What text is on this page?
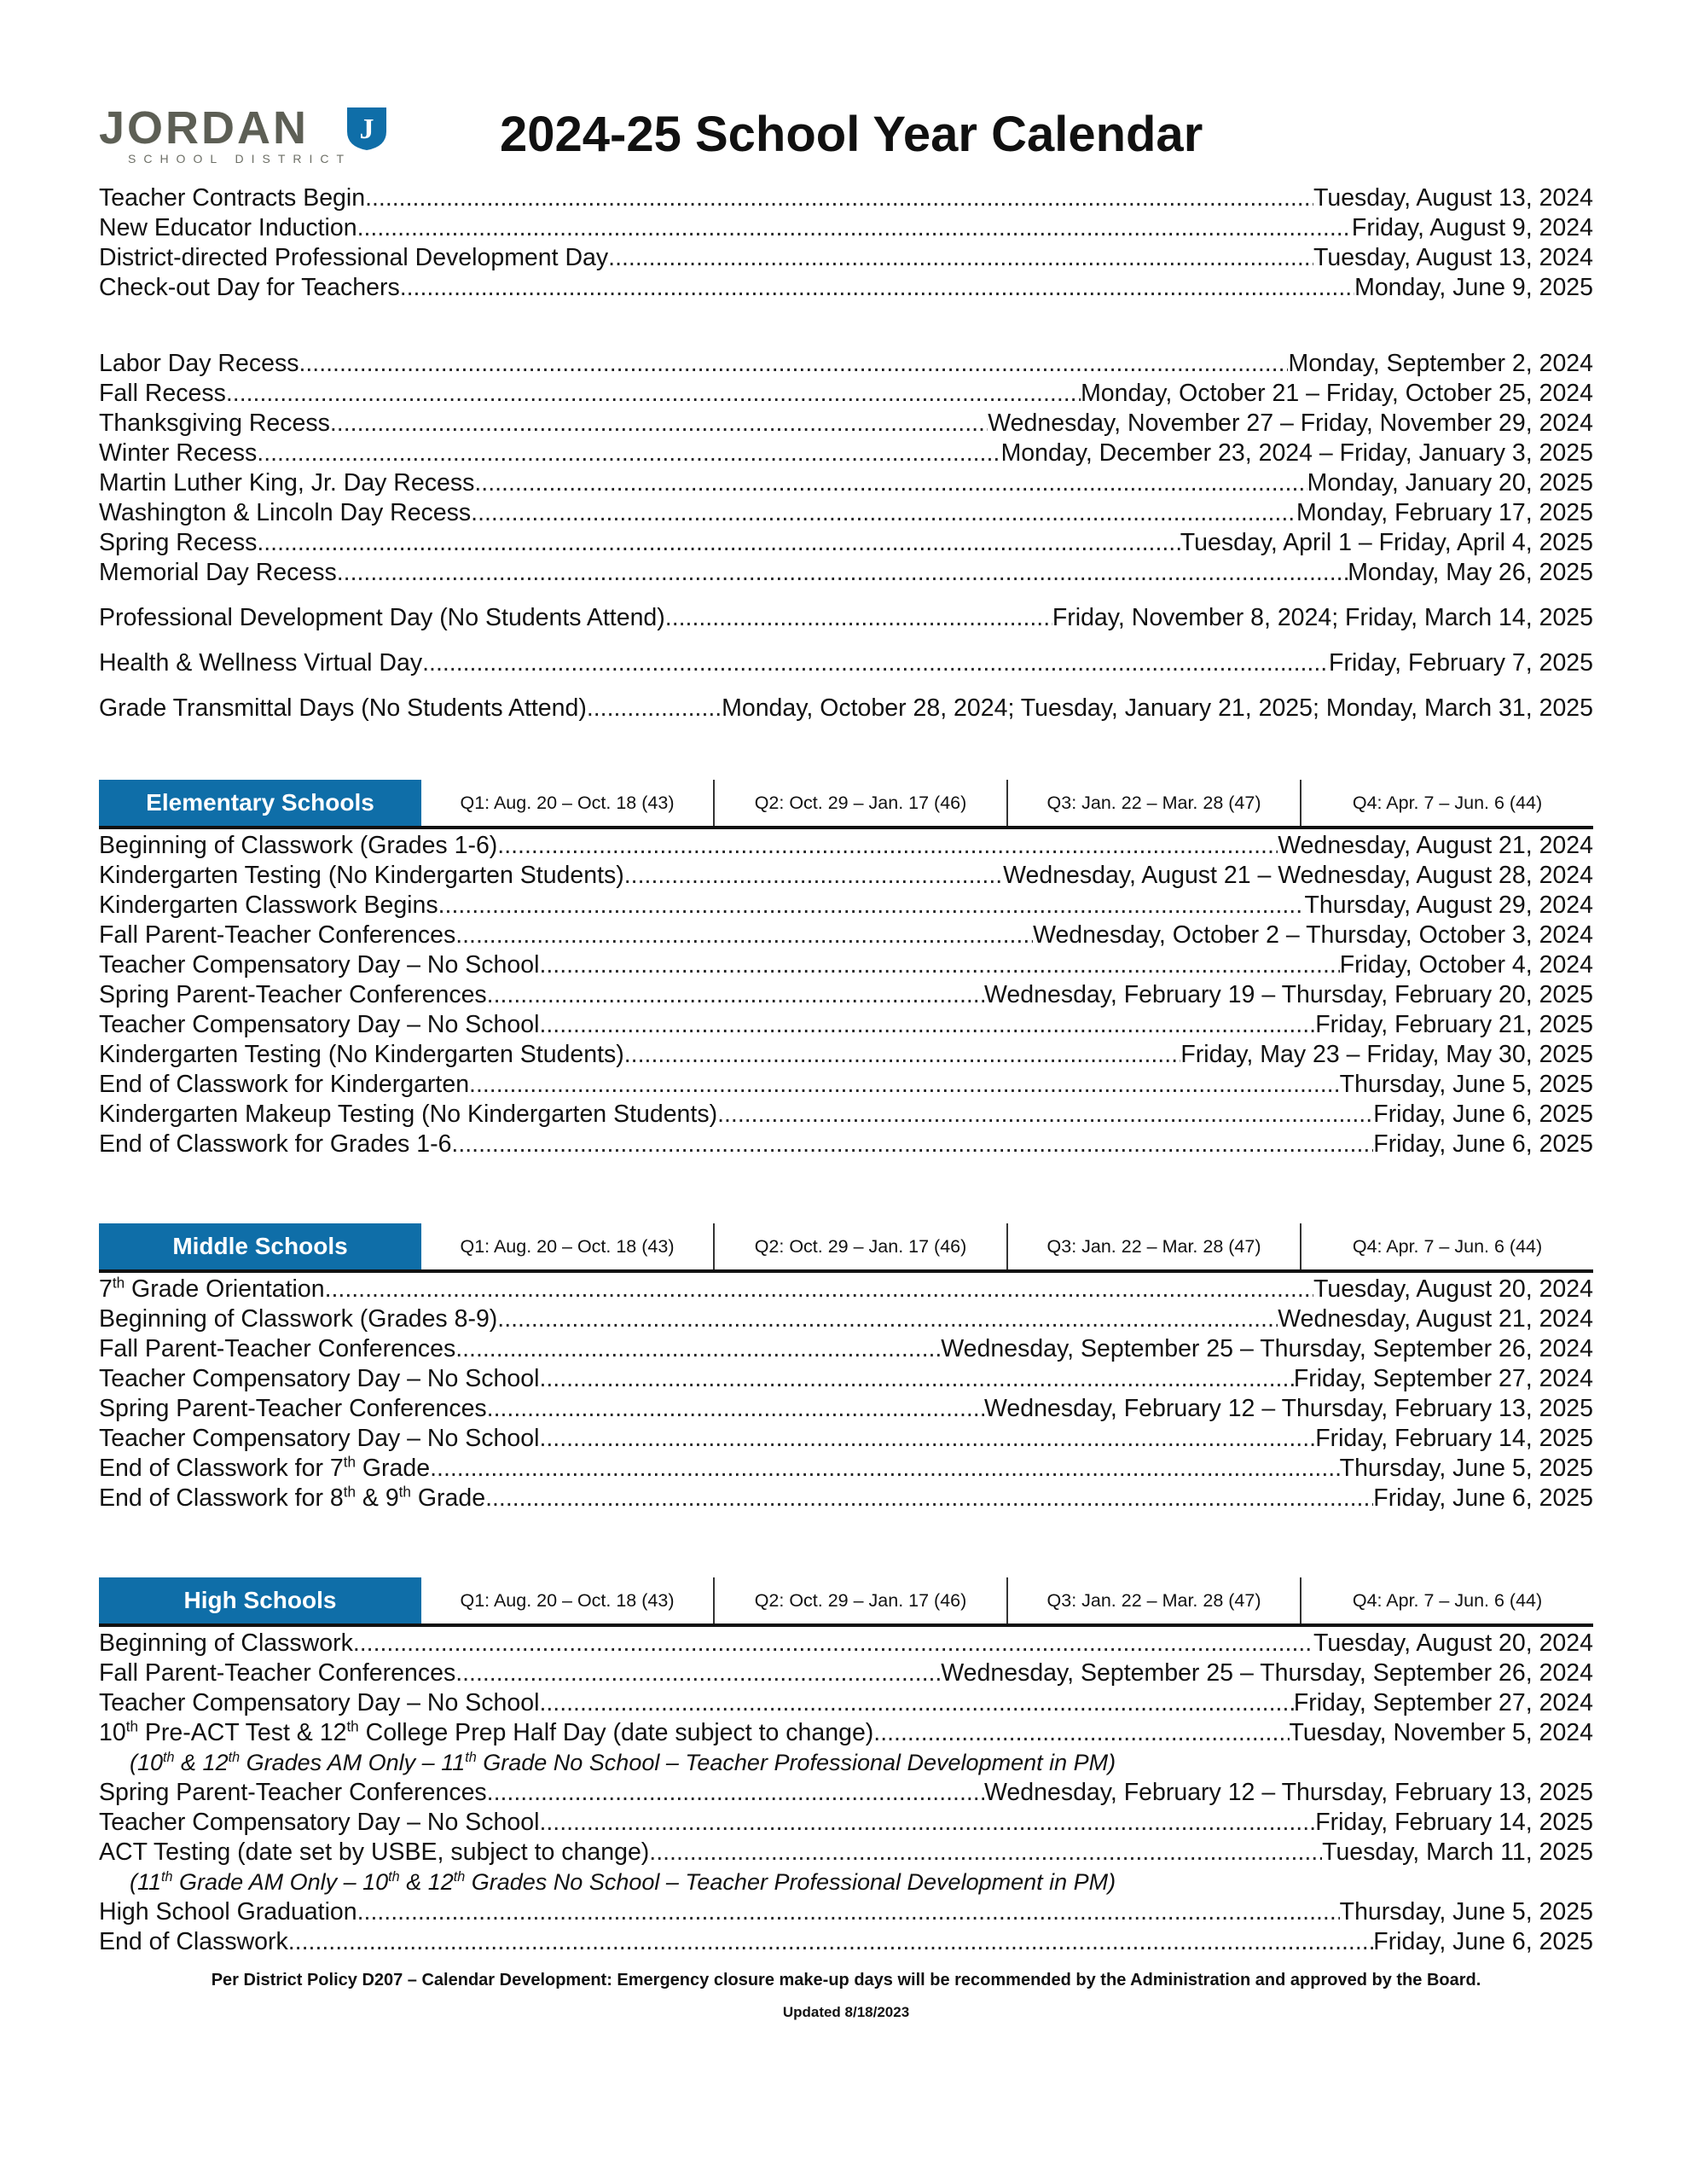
JORDAN
SCHOOL DISTRICT
J	2024-25 School Year Calendar
Teacher Contracts Begin .....	Tuesday, August 13, 2024
New Educator Induction .....	Friday, August 9, 2024
District-directed Professional Development Day .....	Tuesday, August 13, 2024
Check-out Day for Teachers .....	Monday, June 9, 2025
Labor Day Recess .....	Monday, September 2, 2024
Fall Recess .....	Monday, October 21 – Friday, October 25, 2024
Thanksgiving Recess .....	Wednesday, November 27 – Friday, November 29, 2024
Winter Recess .....	Monday, December 23, 2024 – Friday, January 3, 2025
Martin Luther King, Jr. Day Recess .....	Monday, January 20, 2025
Washington & Lincoln Day Recess .....	Monday, February 17, 2025
Spring Recess .....	Tuesday, April 1 – Friday, April 4, 2025
Memorial Day Recess .....	Monday, May 26, 2025
Professional Development Day (No Students Attend) .....	Friday, November 8, 2024; Friday, March 14, 2025
Health & Wellness Virtual Day .....	Friday, February 7, 2025
Grade Transmittal Days (No Students Attend) .....	Monday, October 28, 2024; Tuesday, January 21, 2025; Monday, March 31, 2025
Elementary Schools	Q1: Aug. 20 – Oct. 18 (43)	Q2: Oct. 29 – Jan. 17 (46)	Q3: Jan. 22 – Mar. 28 (47)	Q4: Apr. 7 – Jun. 6 (44)
Beginning of Classwork (Grades 1-6) .....	Wednesday, August 21, 2024
Kindergarten Testing (No Kindergarten Students) .....	Wednesday, August 21 – Wednesday, August 28, 2024
Kindergarten Classwork Begins .....	Thursday, August 29, 2024
Fall Parent-Teacher Conferences .....	Wednesday, October 2 – Thursday, October 3, 2024
Teacher Compensatory Day – No School .....	Friday, October 4, 2024
Spring Parent-Teacher Conferences .....	Wednesday, February 19 – Thursday, February 20, 2025
Teacher Compensatory Day – No School .....	Friday, February 21, 2025
Kindergarten Testing (No Kindergarten Students) .....	Friday, May 23 – Friday, May 30, 2025
End of Classwork for Kindergarten .....	Thursday, June 5, 2025
Kindergarten Makeup Testing (No Kindergarten Students) .....	Friday, June 6, 2025
End of Classwork for Grades 1-6 .....	Friday, June 6, 2025
Middle Schools	Q1: Aug. 20 – Oct. 18 (43)	Q2: Oct. 29 – Jan. 17 (46)	Q3: Jan. 22 – Mar. 28 (47)	Q4: Apr. 7 – Jun. 6 (44)
7th Grade Orientation .....	Tuesday, August 20, 2024
Beginning of Classwork (Grades 8-9) .....	Wednesday, August 21, 2024
Fall Parent-Teacher Conferences .....	Wednesday, September 25 – Thursday, September 26, 2024
Teacher Compensatory Day – No School .....	Friday, September 27, 2024
Spring Parent-Teacher Conferences .....	Wednesday, February 12 – Thursday, February 13, 2025
Teacher Compensatory Day – No School .....	Friday, February 14, 2025
End of Classwork for 7th Grade .....	Thursday, June 5, 2025
End of Classwork for 8th & 9th Grade .....	Friday, June 6, 2025
High Schools	Q1: Aug. 20 – Oct. 18 (43)	Q2: Oct. 29 – Jan. 17 (46)	Q3: Jan. 22 – Mar. 28 (47)	Q4: Apr. 7 – Jun. 6 (44)
Beginning of Classwork .....	Tuesday, August 20, 2024
Fall Parent-Teacher Conferences .....	Wednesday, September 25 – Thursday, September 26, 2024
Teacher Compensatory Day – No School .....	Friday, September 27, 2024
10th Pre-ACT Test & 12th College Prep Half Day (date subject to change) .....	Tuesday, November 5, 2024
(10th & 12th Grades AM Only – 11th Grade No School – Teacher Professional Development in PM)
Spring Parent-Teacher Conferences .....	Wednesday, February 12 – Thursday, February 13, 2025
Teacher Compensatory Day – No School .....	Friday, February 14, 2025
ACT Testing (date set by USBE, subject to change) .....	Tuesday, March 11, 2025
(11th Grade AM Only – 10th & 12th Grades No School – Teacher Professional Development in PM)
High School Graduation .....	Thursday, June 5, 2025
End of Classwork .....	Friday, June 6, 2025
Per District Policy D207 – Calendar Development: Emergency closure make-up days will be recommended by the Administration and approved by the Board.
Updated 8/18/2023
